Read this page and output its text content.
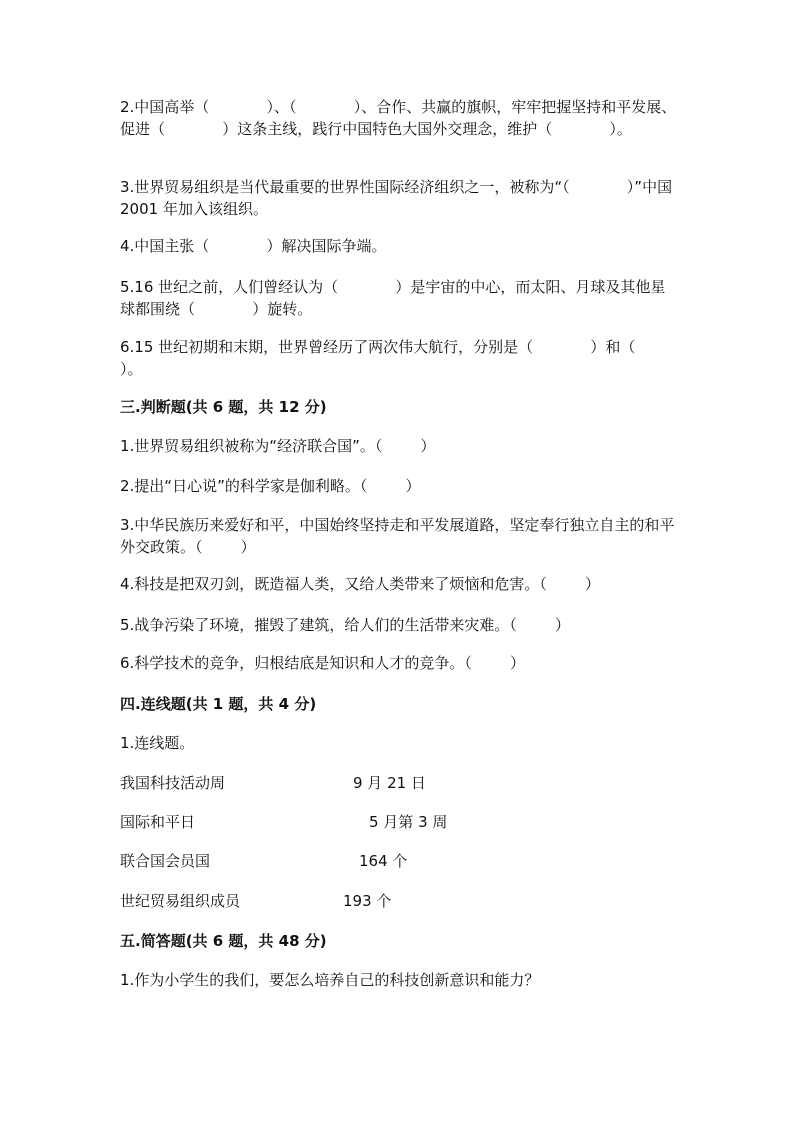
2.中国高举（            ）、（            ）、合作、共赢的旗帜，牢牢把握坚持和平发展、促进（            ）这条主线，践行中国特色大国外交理念，维护（            ）。

3.世界贸易组织是当代最重要的世界性国际经济组织之一，被称为“（            ）”中国 2001 年加入该组织。

4.中国主张（            ）解决国际争端。

5.16 世纪之前，人们曾经认为（            ）是宇宙的中心，而太阳、月球及其他星球都围绕（            ）旋转。

6.15 世纪初期和末期，世界曾经历了两次伟大航行，分别是（            ）和（            ）。

三.判断题(共 6 题，共 12 分)

1.世界贸易组织被称为“经济联合国”。（        ）

2.提出“日心说”的科学家是伽利略。（        ）

3.中华民族历来爱好和平，中国始终坚持走和平发展道路，坚定奉行独立自主的和平外交政策。（        ）

4.科技是把双刃剑，既造福人类，又给人类带来了烦恼和危害。（        ）

5.战争污染了环境，摧毁了建筑，给人们的生活带来灾难。（        ）

6.科学技术的竞争，归根结底是知识和人才的竞争。（        ）

四.连线题(共 1 题，共 4 分)

1.连线题。

我国科技活动周	9 月 21 日
国际和平日	5 月第 3 周
联合国会员国	164 个
世纪贸易组织成员	193 个

五.简答题(共 6 题，共 48 分)

1.作为小学生的我们，要怎么培养自己的科技创新意识和能力？
